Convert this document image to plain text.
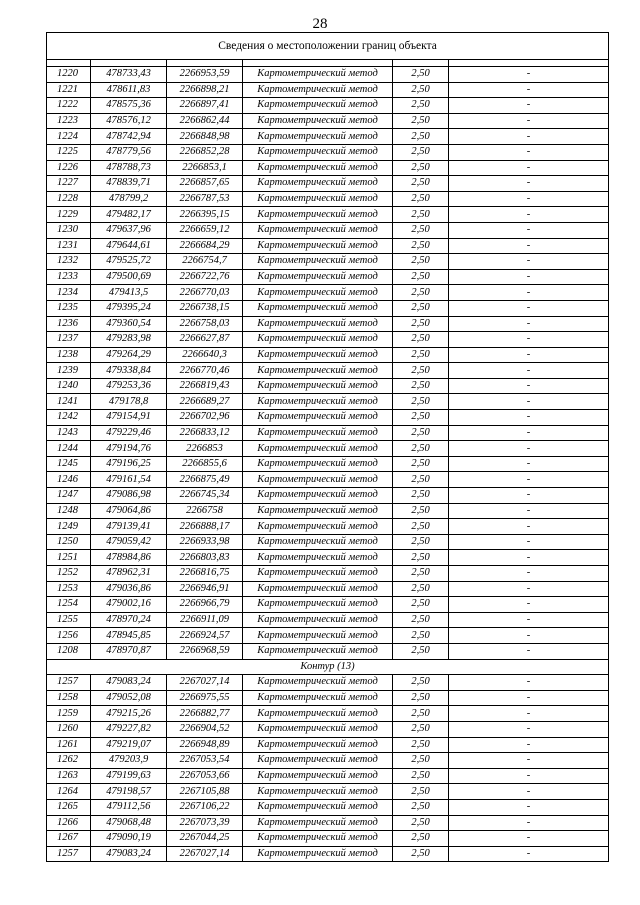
28
Сведения о местоположении границ объекта					

1220	478733,43	2266953,59	Картометрический метод	2,50	-
1221	478611,83	2266898,21	Картометрический метод	2,50	-
1222	478575,36	2266897,41	Картометрический метод	2,50	-
1223	478576,12	2266862,44	Картометрический метод	2,50	-
1224	478742,94	2266848,98	Картометрический метод	2,50	-
1225	478779,56	2266852,28	Картометрический метод	2,50	-
1226	478788,73	2266853,1	Картометрический метод	2,50	-
1227	478839,71	2266857,65	Картометрический метод	2,50	-
1228	478799,2	2266787,53	Картометрический метод	2,50	-
1229	479482,17	2266395,15	Картометрический метод	2,50	-
1230	479637,96	2266659,12	Картометрический метод	2,50	-
1231	479644,61	2266684,29	Картометрический метод	2,50	-
1232	479525,72	2266754,7	Картометрический метод	2,50	-
1233	479500,69	2266722,76	Картометрический метод	2,50	-
1234	479413,5	2266770,03	Картометрический метод	2,50	-
1235	479395,24	2266738,15	Картометрический метод	2,50	-
1236	479360,54	2266758,03	Картометрический метод	2,50	-
1237	479283,98	2266627,87	Картометрический метод	2,50	-
1238	479264,29	2266640,3	Картометрический метод	2,50	-
1239	479338,84	2266770,46	Картометрический метод	2,50	-
1240	479253,36	2266819,43	Картометрический метод	2,50	-
1241	479178,8	2266689,27	Картометрический метод	2,50	-
1242	479154,91	2266702,96	Картометрический метод	2,50	-
1243	479229,46	2266833,12	Картометрический метод	2,50	-
1244	479194,76	2266853	Картометрический метод	2,50	-
1245	479196,25	2266855,6	Картометрический метод	2,50	-
1246	479161,54	2266875,49	Картометрический метод	2,50	-
1247	479086,98	2266745,34	Картометрический метод	2,50	-
1248	479064,86	2266758	Картометрический метод	2,50	-
1249	479139,41	2266888,17	Картометрический метод	2,50	-
1250	479059,42	2266933,98	Картометрический метод	2,50	-
1251	478984,86	2266803,83	Картометрический метод	2,50	-
1252	478962,31	2266816,75	Картометрический метод	2,50	-
1253	479036,86	2266946,91	Картометрический метод	2,50	-
1254	479002,16	2266966,79	Картометрический метод	2,50	-
1255	478970,24	2266911,09	Картометрический метод	2,50	-
1256	478945,85	2266924,57	Картометрический метод	2,50	-
1208	478970,87	2266968,59	Картометрический метод	2,50	-
Контур (13)					
1257	479083,24	2267027,14	Картометрический метод	2,50	-
1258	479052,08	2266975,55	Картометрический метод	2,50	-
1259	479215,26	2266882,77	Картометрический метод	2,50	-
1260	479227,82	2266904,52	Картометрический метод	2,50	-
1261	479219,07	2266948,89	Картометрический метод	2,50	-
1262	479203,9	2267053,54	Картометрический метод	2,50	-
1263	479199,63	2267053,66	Картометрический метод	2,50	-
1264	479198,57	2267105,88	Картометрический метод	2,50	-
1265	479112,56	2267106,22	Картометрический метод	2,50	-
1266	479068,48	2267073,39	Картометрический метод	2,50	-
1267	479090,19	2267044,25	Картометрический метод	2,50	-
1257	479083,24	2267027,14	Картометрический метод	2,50	-
